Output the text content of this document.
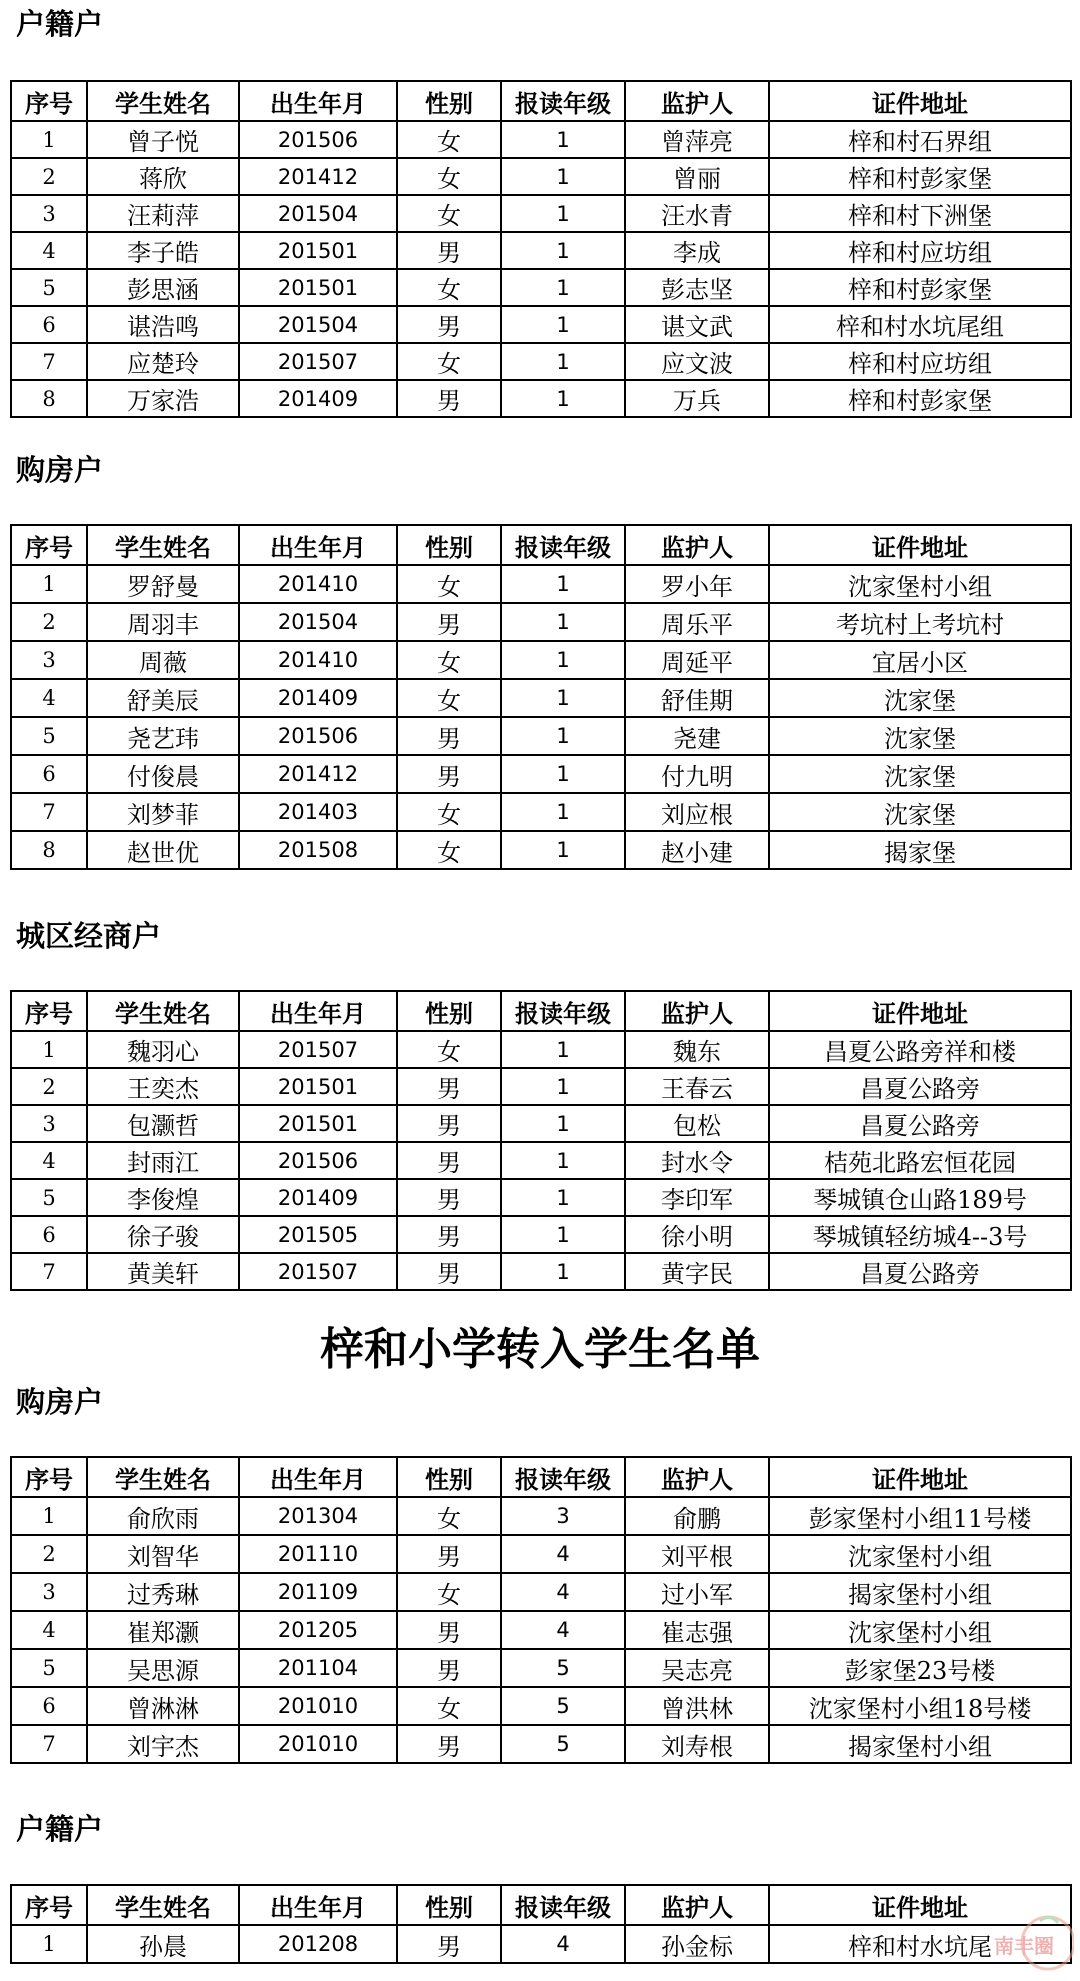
户籍户
序号	学生姓名	出生年月	性别	报读年级	监护人	证件地址
1	曾子悦	201506	女	1	曾萍亮	梓和村石界组
2	蒋欣	201412	女	1	曾丽	梓和村彭家堡
3	汪莉萍	201504	女	1	汪水青	梓和村下洲堡
4	李子皓	201501	男	1	李成	梓和村应坊组
5	彭思涵	201501	女	1	彭志坚	梓和村彭家堡
6	谌浩鸣	201504	男	1	谌文武	梓和村水坑尾组
7	应楚玲	201507	女	1	应文波	梓和村应坊组
8	万家浩	201409	男	1	万兵	梓和村彭家堡
购房户
序号	学生姓名	出生年月	性别	报读年级	监护人	证件地址
1	罗舒曼	201410	女	1	罗小年	沈家堡村小组
2	周羽丰	201504	男	1	周乐平	考坑村上考坑村
3	周薇	201410	女	1	周延平	宜居小区
4	舒美辰	201409	女	1	舒佳期	沈家堡
5	尧艺玮	201506	男	1	尧建	沈家堡
6	付俊晨	201412	男	1	付九明	沈家堡
7	刘梦菲	201403	女	1	刘应根	沈家堡
8	赵世优	201508	女	1	赵小建	揭家堡
城区经商户
序号	学生姓名	出生年月	性别	报读年级	监护人	证件地址
1	魏羽心	201507	女	1	魏东	昌夏公路旁祥和楼
2	王奕杰	201501	男	1	王春云	昌夏公路旁
3	包灏哲	201501	男	1	包松	昌夏公路旁
4	封雨江	201506	男	1	封水令	桔苑北路宏恒花园
5	李俊煌	201409	男	1	李印军	琴城镇仓山路189号
6	徐子骏	201505	男	1	徐小明	琴城镇轻纺城4--3号
7	黄美轩	201507	男	1	黄字民	昌夏公路旁
梓和小学转入学生名单
购房户
序号	学生姓名	出生年月	性别	报读年级	监护人	证件地址
1	俞欣雨	201304	女	3	俞鹏	彭家堡村小组11号楼
2	刘智华	201110	男	4	刘平根	沈家堡村小组
3	过秀琳	201109	女	4	过小军	揭家堡村小组
4	崔郑灏	201205	男	4	崔志强	沈家堡村小组
5	吴思源	201104	男	5	吴志亮	彭家堡23号楼
6	曾淋淋	201010	女	5	曾洪林	沈家堡村小组18号楼
7	刘宇杰	201010	男	5	刘寿根	揭家堡村小组
户籍户
序号	学生姓名	出生年月	性别	报读年级	监护人	证件地址
1	孙晨	201208	男	4	孙金标	梓和村水坑尾 南丰圈
